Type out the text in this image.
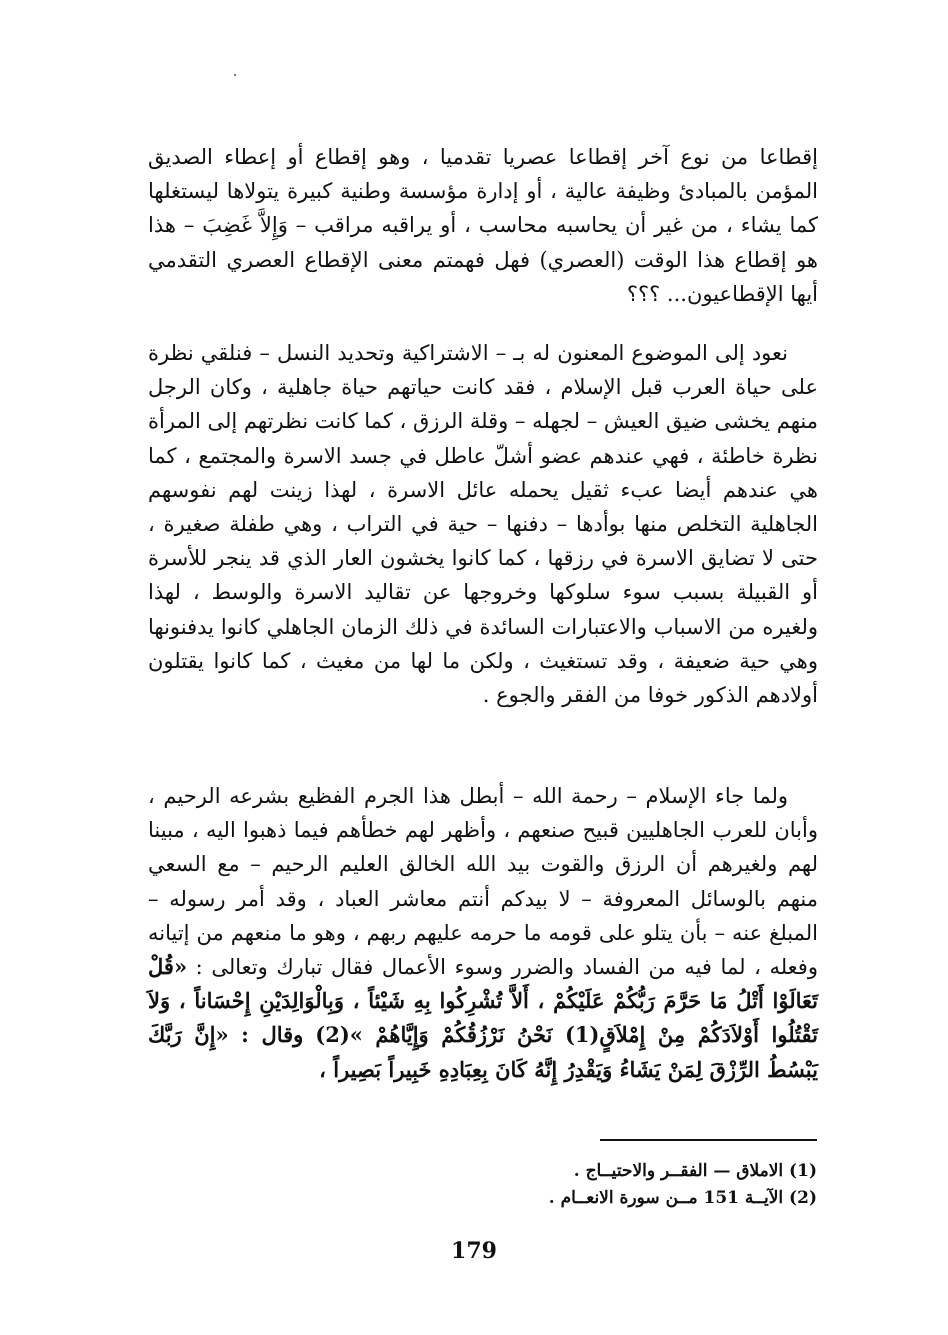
إقطاعا من نوع آخر إقطاعا عصريا تقدميا ، وهو إقطاع أو إعطاء الصديق المؤمن بالمبادئ وظيفة عالية ، أو إدارة مؤسسة وطنية كبيرة يتولاها ليستغلها كما يشاء ، من غير أن يحاسبه محاسب ، أو يراقبه مراقب – وَإِلاَّ غَضِبَ – هذا هو إقطاع هذا الوقت (العصري) فهل فهمتم معنى الإقطاع العصري التقدمي أيها الإقطاعيون... ؟؟؟

نعود إلى الموضوع المعنون له بـ – الاشتراكية وتحديد النسل – فنلقي نظرة على حياة العرب قبل الإسلام ، فقد كانت حياتهم حياة جاهلية ، وكان الرجل منهم يخشى ضيق العيش – لجهله – وقلة الرزق ، كما كانت نظرتهم إلى المرأة نظرة خاطئة ، فهي عندهم عضو أشلّ عاطل في جسد الاسرة والمجتمع ، كما هي عندهم أيضا عبء ثقيل يحمله عائل الاسرة ، لهذا زينت لهم نفوسهم الجاهلية التخلص منها بوأدها – دفنها – حية في التراب ، وهي طفلة صغيرة ، حتى لا تضايق الاسرة في رزقها ، كما كانوا يخشون العار الذي قد ينجر للأسرة أو القبيلة بسبب سوء سلوكها وخروجها عن تقاليد الاسرة والوسط ، لهذا ولغيره من الاسباب والاعتبارات السائدة في ذلك الزمان الجاهلي كانوا يدفنونها وهي حية ضعيفة ، وقد تستغيث ، ولكن ما لها من مغيث ، كما كانوا يقتلون أولادهم الذكور خوفا من الفقر والجوع .

ولما جاء الإسلام – رحمة الله – أبطل هذا الجرم الفظيع بشرعه الرحيم ، وأبان للعرب الجاهليين قبيح صنعهم ، وأظهر لهم خطأهم فيما ذهبوا اليه ، مبينا لهم ولغيرهم أن الرزق والقوت بيد الله الخالق العليم الرحيم – مع السعي منهم بالوسائل المعروفة – لا بيدكم أنتم معاشر العباد ، وقد أمر رسوله – المبلغ عنه – بأن يتلو على قومه ما حرمه عليهم ربهم ، وهو ما منعهم من إتيانه وفعله ، لما فيه من الفساد والضرر وسوء الأعمال فقال تبارك وتعالى : «قُلْ تَعَالَوْا أَتْلُ مَا حَرَّمَ رَبُّكُمْ عَلَيْكُمْ ، أَلاَّ تُشْرِكُوا بِهِ شَيْئاً ، وَبِالْوَالِدَيْنِ إِحْسَاناً ، وَلاَ تَقْتُلُوا أَوْلاَدَكُمْ مِنْ إِمْلاَقٍ(1) نَحْنُ نَرْزُقُكُمْ وَإِيَّاهُمْ »(2) وقال : «إِنَّ رَبَّكَ يَبْسُطُ الرِّزْقَ لِمَنْ يَشَاءُ وَيَقْدِرُ إِنَّهُ كَانَ بِعِبَادِهِ خَبِيراً بَصِيراً ،

(1) الاملاق — الفقــر والاحتيــاج .
(2) الآيــة 151 مــن سورة الانعــام .
179
